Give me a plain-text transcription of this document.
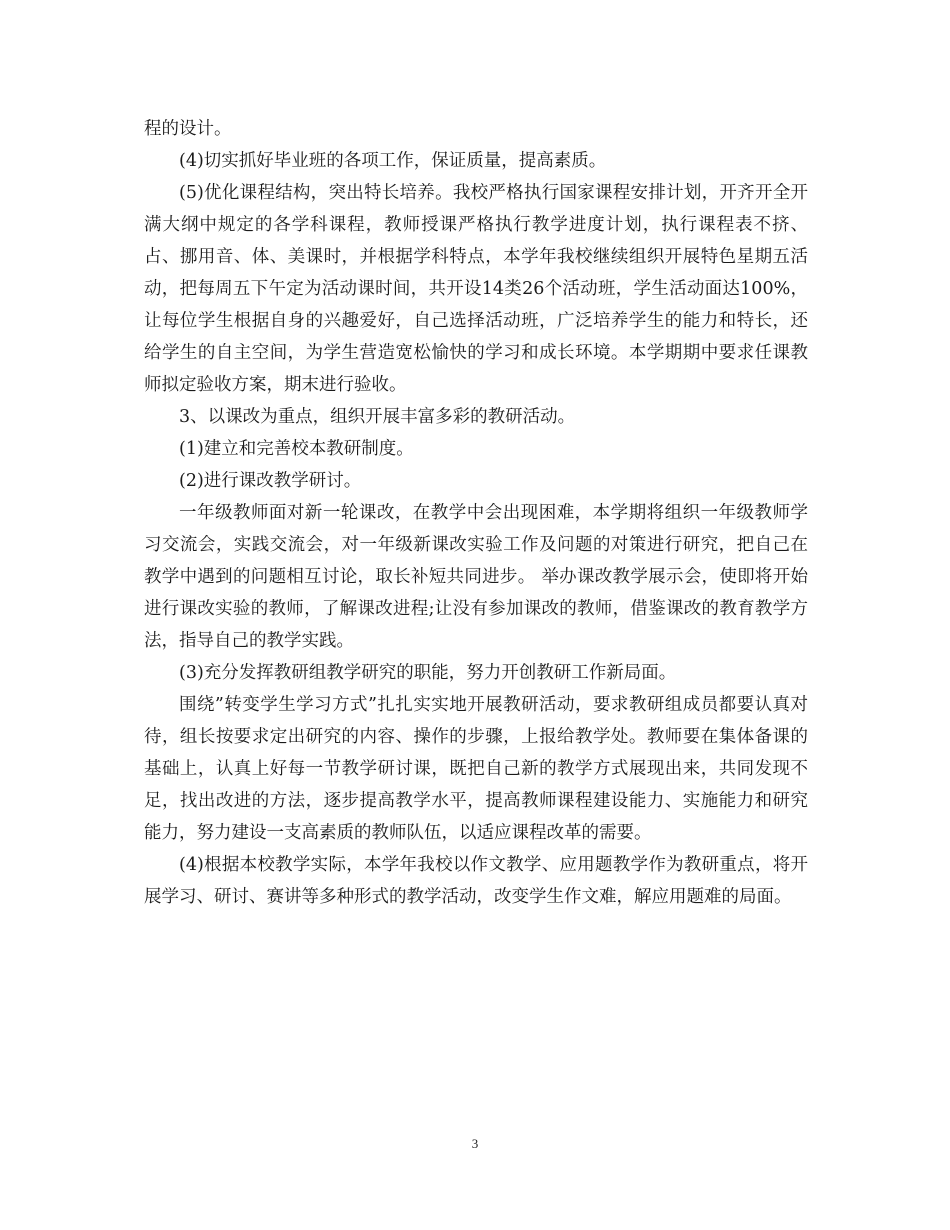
程的设计。

(4)切实抓好毕业班的各项工作，保证质量，提高素质。

(5)优化课程结构，突出特长培养。我校严格执行国家课程安排计划，开齐开全开满大纲中规定的各学科课程，教师授课严格执行教学进度计划，执行课程表不挤、占、挪用音、体、美课时，并根据学科特点，本学年我校继续组织开展特色星期五活动，把每周五下午定为活动课时间，共开设14类26个活动班，学生活动面达100%，让每位学生根据自身的兴趣爱好，自己选择活动班，广泛培养学生的能力和特长，还给学生的自主空间，为学生营造宽松愉快的学习和成长环境。本学期期中要求任课教师拟定验收方案，期末进行验收。

3、以课改为重点，组织开展丰富多彩的教研活动。

(1)建立和完善校本教研制度。

(2)进行课改教学研讨。

一年级教师面对新一轮课改，在教学中会出现困难，本学期将组织一年级教师学习交流会，实践交流会，对一年级新课改实验工作及问题的对策进行研究，把自己在教学中遇到的问题相互讨论，取长补短共同进步。 举办课改教学展示会，使即将开始进行课改实验的教师，了解课改进程;让没有参加课改的教师，借鉴课改的教育教学方法，指导自己的教学实践。

(3)充分发挥教研组教学研究的职能，努力开创教研工作新局面。

围绕”转变学生学习方式”扎扎实实地开展教研活动，要求教研组成员都要认真对待，组长按要求定出研究的内容、操作的步骤，上报给教学处。教师要在集体备课的基础上，认真上好每一节教学研讨课，既把自己新的教学方式展现出来，共同发现不足，找出改进的方法，逐步提高教学水平，提高教师课程建设能力、实施能力和研究能力，努力建设一支高素质的教师队伍，以适应课程改革的需要。

(4)根据本校教学实际，本学年我校以作文教学、应用题教学作为教研重点，将开展学习、研讨、赛讲等多种形式的教学活动，改变学生作文难，解应用题难的局面。

3
